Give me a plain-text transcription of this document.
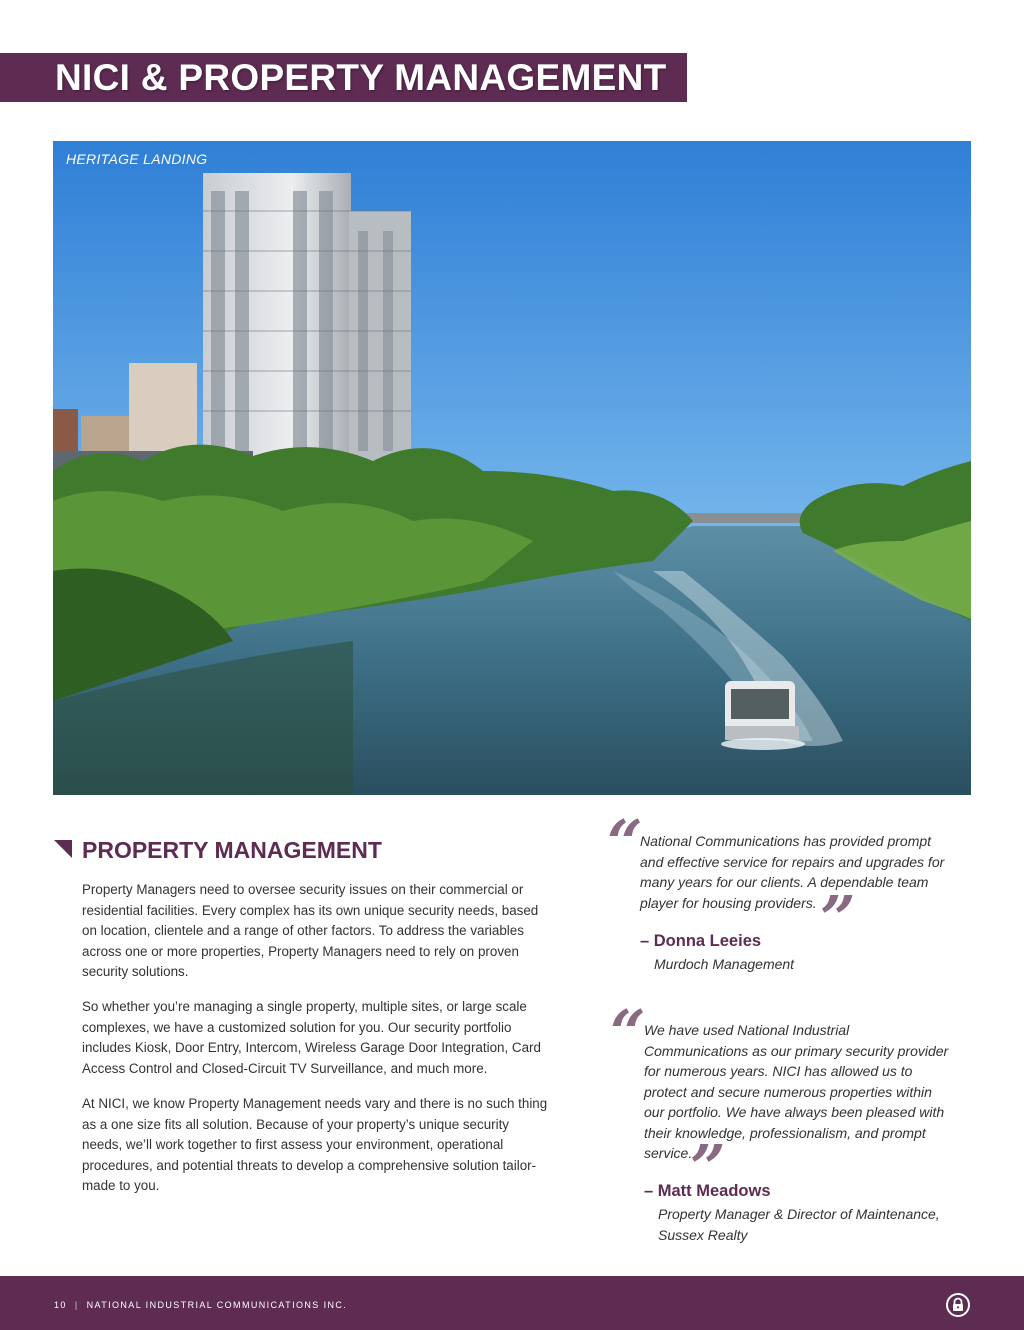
NICI & PROPERTY MANAGEMENT
HERITAGE LANDING
PROPERTY MANAGEMENT

Property Managers need to oversee security issues on their commercial or residential facilities. Every complex has its own unique security needs, based on location, clientele and a range of other factors. To address the variables across one or more properties, Property Managers need to rely on proven security solutions.

So whether you’re managing a single property, multiple sites, or large scale complexes, we have a customized solution for you. Our security portfolio includes Kiosk, Door Entry, Intercom, Wireless Garage Door Integration, Card Access Control and Closed-Circuit TV Surveillance, and much more.

At NICI, we know Property Management needs vary and there is no such thing as a one size fits all solution. Because of your property’s unique security needs, we’ll work together to first assess your environment, operational procedures, and potential threats to develop a comprehensive solution tailor-made to you.

“
National Communications has provided prompt
and effective service for repairs and upgrades for
many years for our clients. A dependable team
player for housing providers. ”
– Donna Leeies
Murdoch Management
“
We have used National Industrial
Communications as our primary security provider
for numerous years. NICI has allowed us to
protect and secure numerous properties within
our portfolio. We have always been pleased with
their knowledge, professionalism, and prompt
service.
”
– Matt Meadows
Property Manager & Director of Maintenance,
Sussex Realty
10 | NATIONAL INDUSTRIAL COMMUNICATIONS INC.
